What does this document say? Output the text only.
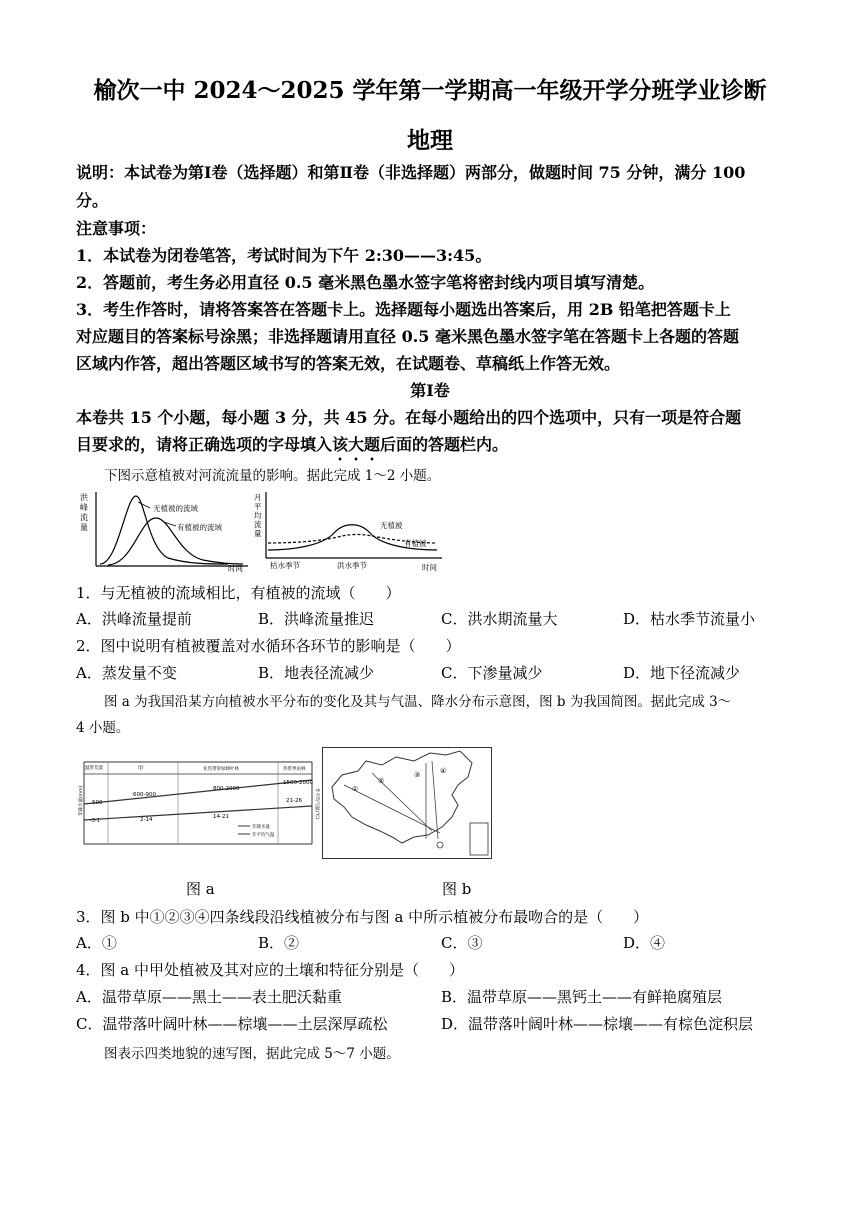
榆次一中 2024～2025 学年第一学期高一年级开学分班学业诊断
地理
说明：本试卷为第Ⅰ卷（选择题）和第Ⅱ卷（非选择题）两部分，做题时间 75 分钟，满分 100
分。
注意事项：
1．本试卷为闭卷笔答，考试时间为下午 2:30——3:45。
2．答题前，考生务必用直径 0.5 毫米黑色墨水签字笔将密封线内项目填写清楚。
3．考生作答时，请将答案答在答题卡上。选择题每小题选出答案后，用 2B 铅笔把答题卡上
对应题目的答案标号涂黑；非选择题请用直径 0.5 毫米黑色墨水签字笔在答题卡上各题的答题
区域内作答，超出答题区域书写的答案无效，在试题卷、草稿纸上作答无效。
第Ⅰ卷
本卷共 15 个小题，每小题 3 分，共 45 分。在每小题给出的四个选项中，只有一项是符合题
目要求的，请将正确选项的字母填入该大题后面的答题栏内。
下图示意植被对河流流量的影响。据此完成 1～2 小题。
洪
峰
流
量
无植被的流域
有植被的流域
时间
月
平
均
流
量
无植被
有植被
枯水季节	洪水季节	时间
1．与无植被的流域相比，有植被的流域（　　）
A．洪峰流量提前	B．洪峰流量推迟	C．洪水期流量大	D．枯水季节流量小
2．图中说明有植被覆盖对水循环各环节的影响是（　　）
A．蒸发量不变	B．地表径流减少	C．下渗量减少	D．地下径流减少
图 a 为我国沿某方向植被水平分布的变化及其与气温、降水分布示意图，图 b 为我国简图。据此完成 3～
4 小题。
温带荒漠	甲	亚热带常绿阔叶林	热带季雨林
600-900
800-2000
1500-2000
2-14	14-21
21-26
500
-3-1
年降水量
年平均气温
年降水量(mm)	年平均气温(℃)	①
②
③	④
图 a	图 b
3．图 b 中①②③④四条线段沿线植被分布与图 a 中所示植被分布最吻合的是（　　）
A．①	B．②	C．③	D．④
4．图 a 中甲处植被及其对应的土壤和特征分别是（　　）
A．温带草原——黑土——表土肥沃黏重	B．温带草原——黑钙土——有鲜艳腐殖层
C．温带落叶阔叶林——棕壤——土层深厚疏松	D．温带落叶阔叶林——棕壤——有棕色淀积层
图表示四类地貌的速写图，据此完成 5～7 小题。
